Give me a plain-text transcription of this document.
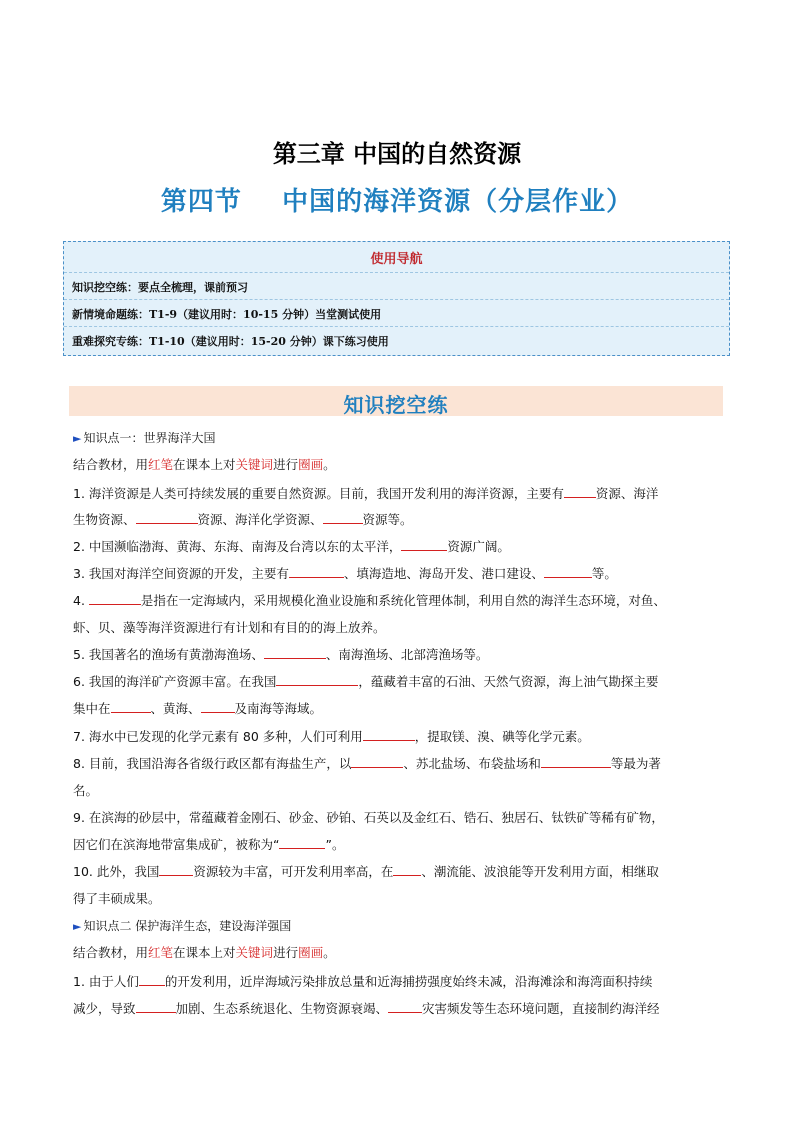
第三章 中国的自然资源
第四节    中国的海洋资源（分层作业）
使用导航
知识挖空练：要点全梳理，课前预习
新情境命题练：T1-9（建议用时：10-15 分钟）当堂测试使用
重难探究专练：T1-10（建议用时：15-20 分钟）课下练习使用
知识挖空练
► 知识点一：世界海洋大国
结合教材，用红笔在课本上对关键词进行圈画。
1. 海洋资源是人类可持续发展的重要自然资源。目前，我国开发利用的海洋资源，主要有	资源、海洋
生物资源、	资源、海洋化学资源、	资源等。
2. 中国濒临渤海、黄海、东海、南海及台湾以东的太平洋，	资源广阔。
3. 我国对海洋空间资源的开发，主要有	、填海造地、海岛开发、港口建设、	等。
4.	是指在一定海域内，采用规模化渔业设施和系统化管理体制，利用自然的海洋生态环境，对鱼、
虾、贝、藻等海洋资源进行有计划和有目的的海上放养。
5. 我国著名的渔场有黄渤海渔场、	、南海渔场、北部湾渔场等。
6. 我国的海洋矿产资源丰富。在我国	，蕴藏着丰富的石油、天然气资源，海上油气勘探主要
集中在	、黄海、	及南海等海域。
7. 海水中已发现的化学元素有 80 多种，人们可利用	，提取镁、溴、碘等化学元素。
8. 目前，我国沿海各省级行政区都有海盐生产，以	、苏北盐场、布袋盐场和	等最为著
名。
9. 在滨海的砂层中，常蕴藏着金刚石、砂金、砂铂、石英以及金红石、锆石、独居石、钛铁矿等稀有矿物，
因它们在滨海地带富集成矿，被称为“	”。
10. 此外，我国	资源较为丰富，可开发利用率高，在 、潮流能、波浪能等开发利用方面，相继取
得了丰硕成果。
► 知识点二 保护海洋生态，建设海洋强国
结合教材，用红笔在课本上对关键词进行圈画。
1. 由于人们 的开发利用，近岸海域污染排放总量和近海捕捞强度始终未减，沿海滩涂和海湾面积持续
减少，导致	加剧、生态系统退化、生物资源衰竭、	灾害频发等生态环境问题，直接制约海洋经
